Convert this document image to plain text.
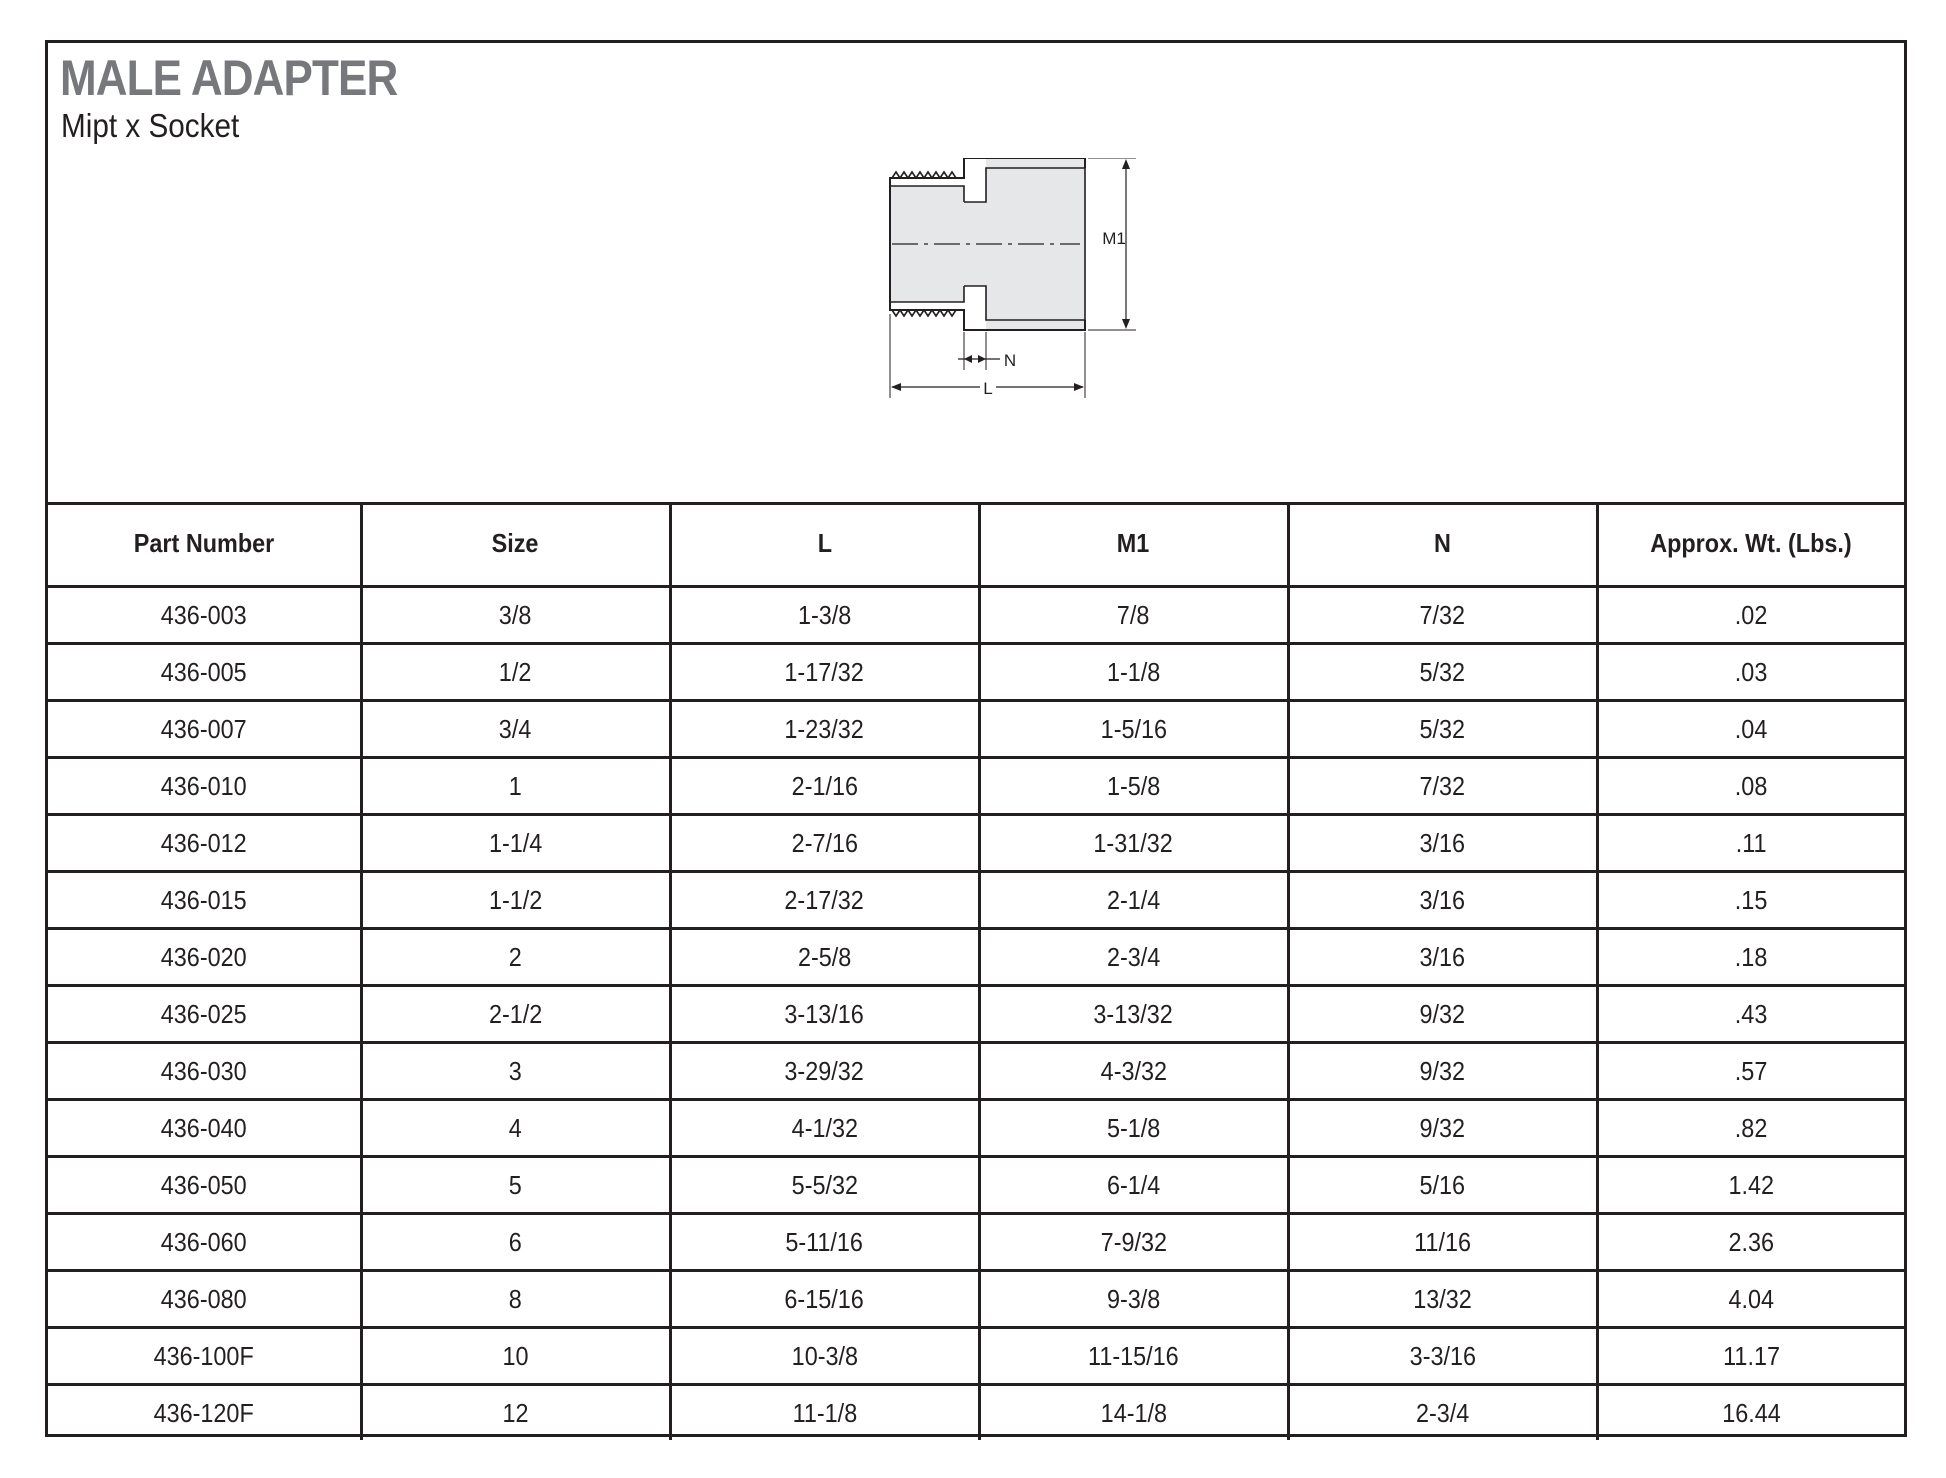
MALE ADAPTER
Mipt x Socket
M1
N
L
Part Number	Size	L	M1	N	Approx. Wt. (Lbs.)
436-003	3/8	1-3/8	7/8	7/32	.02
436-005	1/2	1-17/32	1-1/8	5/32	.03
436-007	3/4	1-23/32	1-5/16	5/32	.04
436-010	1	2-1/16	1-5/8	7/32	.08
436-012	1-1/4	2-7/16	1-31/32	3/16	.11
436-015	1-1/2	2-17/32	2-1/4	3/16	.15
436-020	2	2-5/8	2-3/4	3/16	.18
436-025	2-1/2	3-13/16	3-13/32	9/32	.43
436-030	3	3-29/32	4-3/32	9/32	.57
436-040	4	4-1/32	5-1/8	9/32	.82
436-050	5	5-5/32	6-1/4	5/16	1.42
436-060	6	5-11/16	7-9/32	11/16	2.36
436-080	8	6-15/16	9-3/8	13/32	4.04
436-100F	10	10-3/8	11-15/16	3-3/16	11.17
436-120F	12	11-1/8	14-1/8	2-3/4	16.44
